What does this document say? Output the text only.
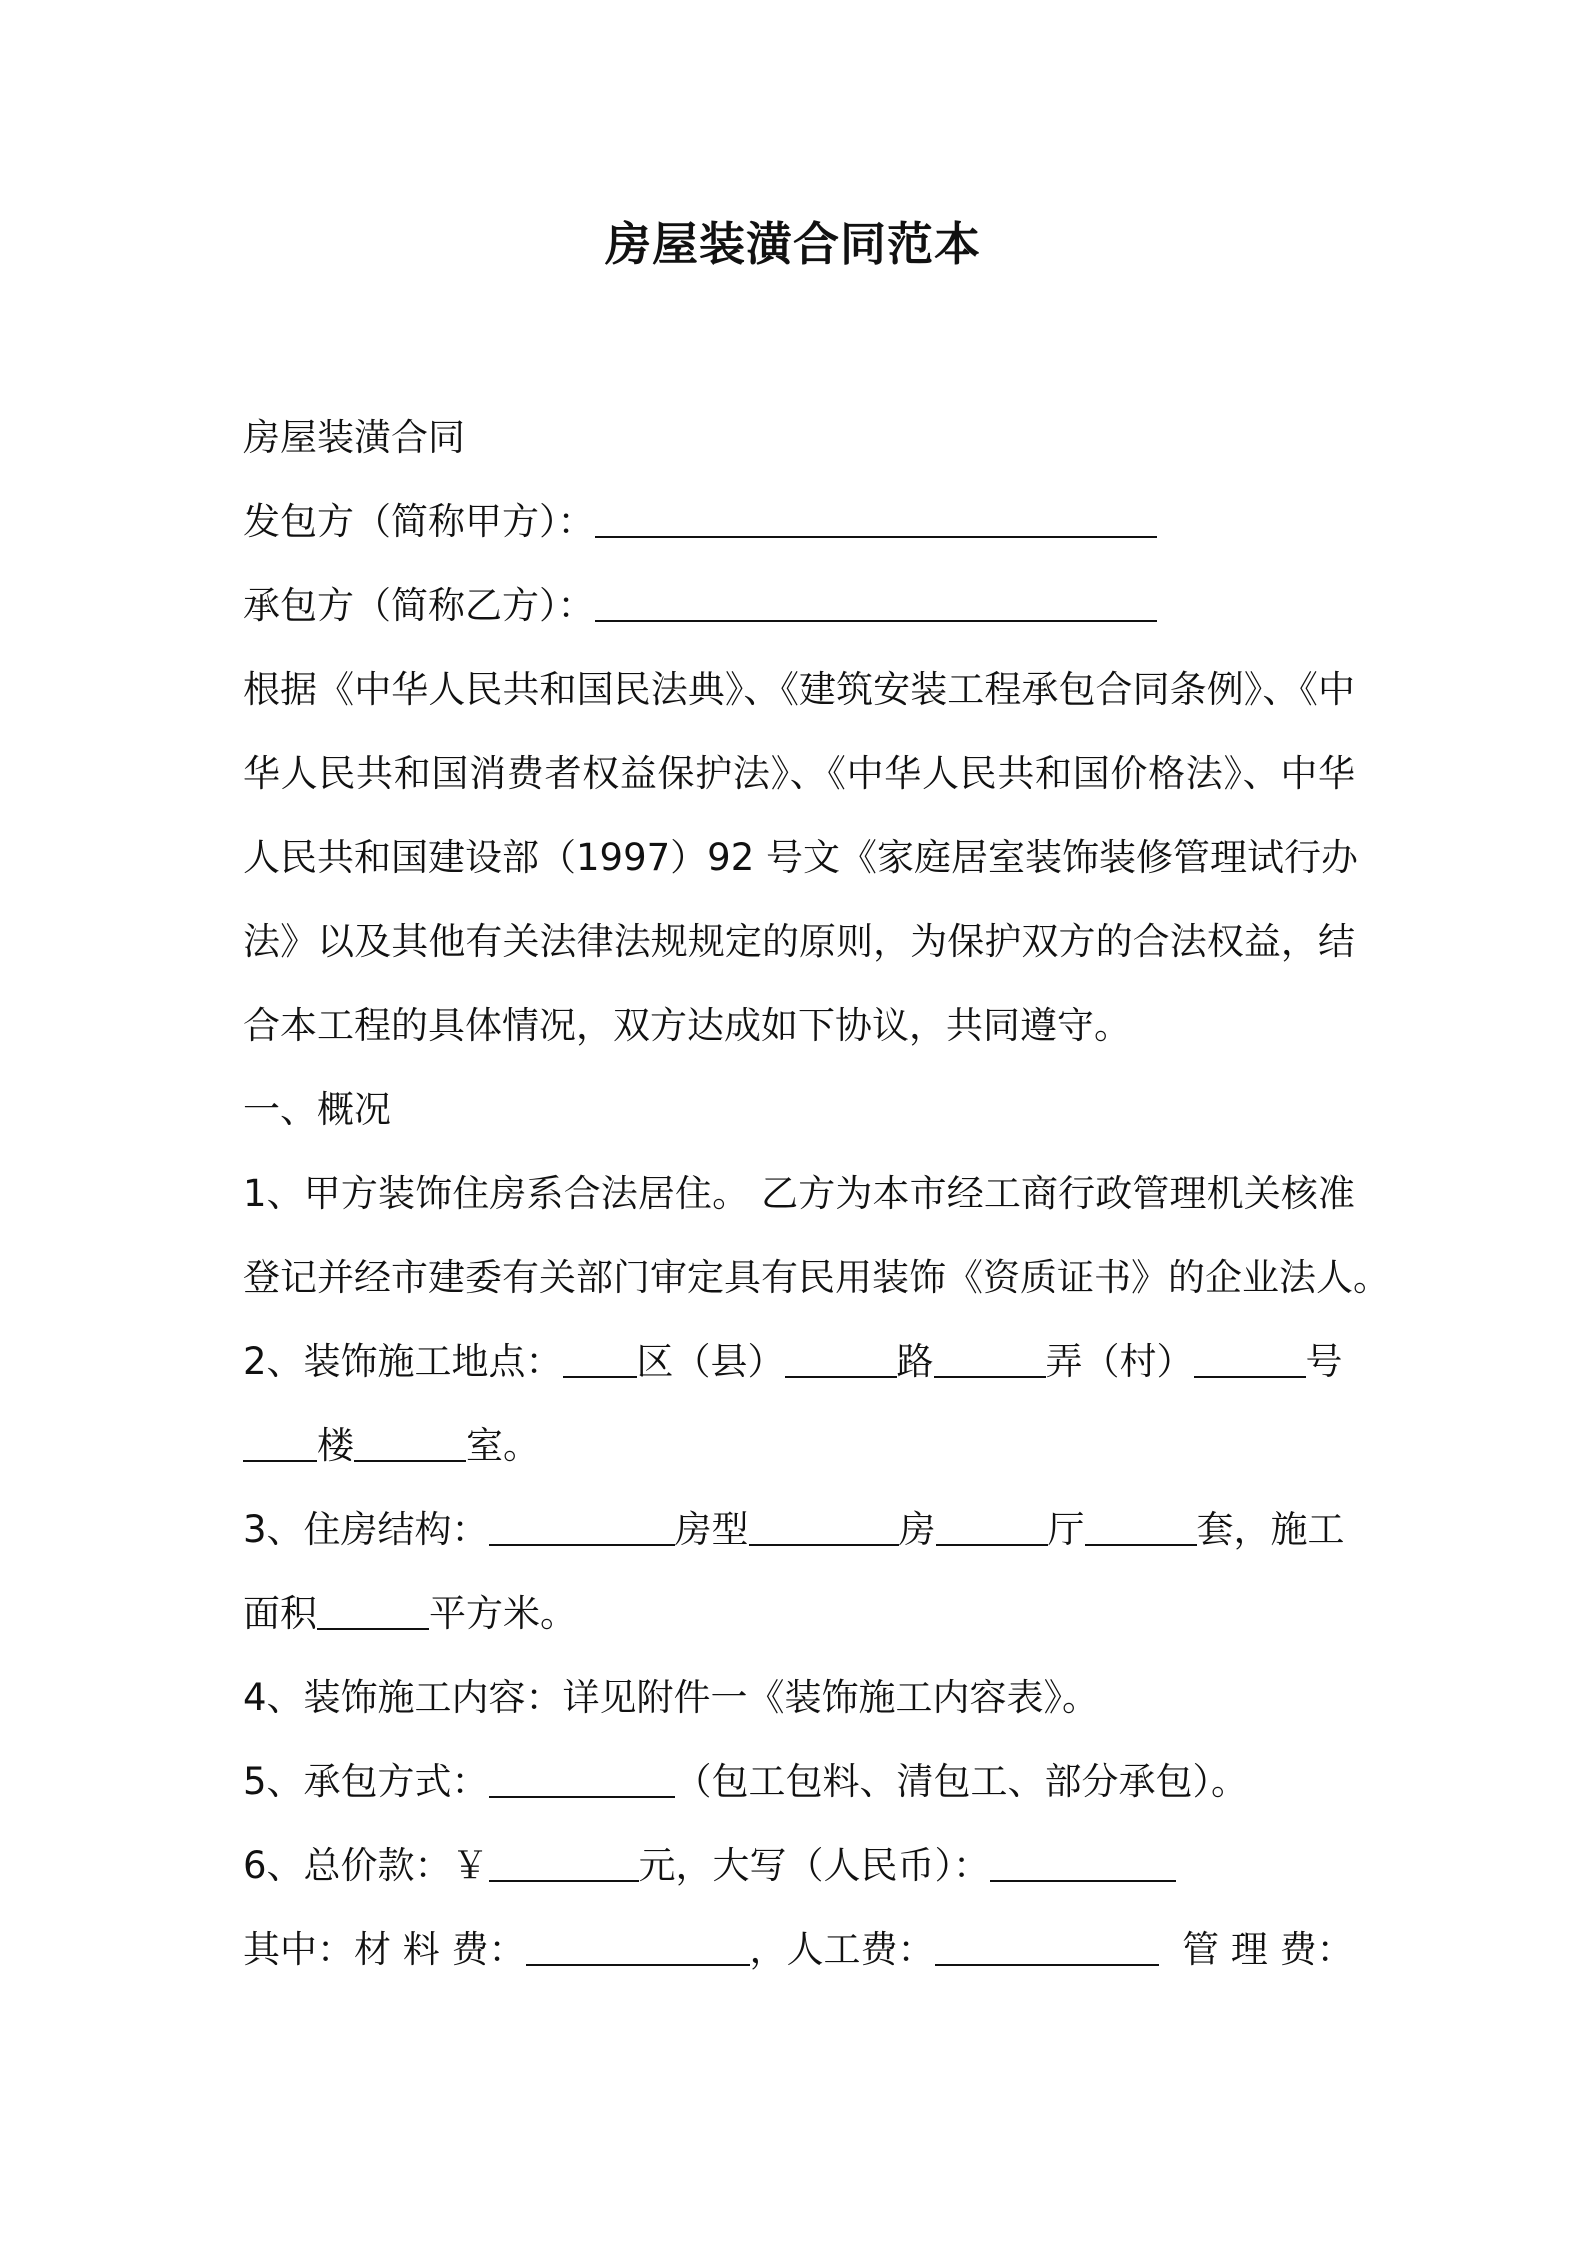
房屋装潢合同范本
房屋装潢合同
发包方（简称甲方）：
承包方（简称乙方）：
根据《中华人民共和国民法典》、《建筑安装工程承包合同条例》、《中
华人民共和国消费者权益保护法》、《中华人民共和国价格法》、中华
人民共和国建设部（1997）92 号文《家庭居室装饰装修管理试行办
法》以及其他有关法律法规规定的原则，为保护双方的合法权益，结
合本工程的具体情况，双方达成如下协议，共同遵守。
一、概况
1、甲方装饰住房系合法居住。 乙方为本市经工商行政管理机关核准
登记并经市建委有关部门审定具有民用装饰《资质证书》的企业法人。
2、装饰施工地点： 区（县）	路	弄（村）	号
楼	室。
3、住房结构：	房型	房	厅	套，施工
面积	平方米。
4、装饰施工内容：详见附件一《装饰施工内容表》。
5、承包方式：	（包工包料、清包工、部分承包）。
6、总价款：￥	元，大写（人民币）：
其中：材 料 费：	，人工费：	管 理 费：
